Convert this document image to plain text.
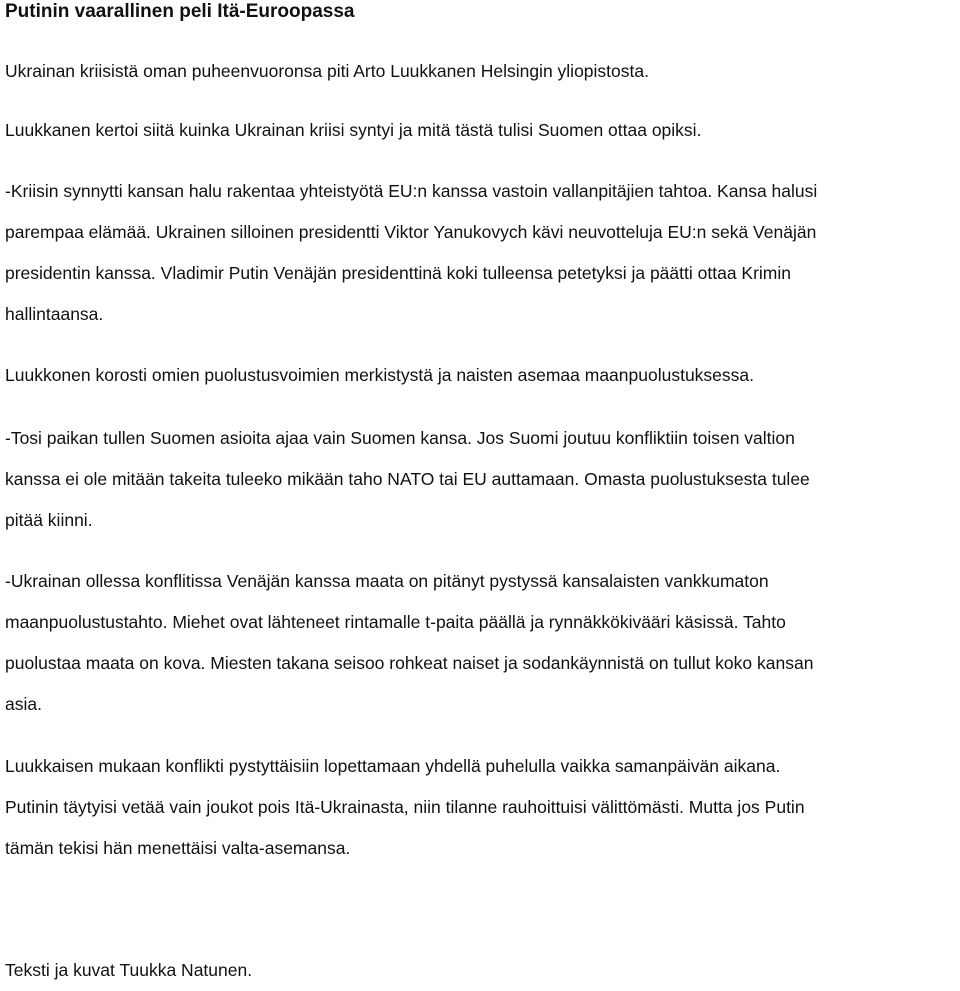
Putinin vaarallinen peli Itä-Euroopassa
Ukrainan kriisistä oman puheenvuoronsa piti Arto Luukkanen Helsingin yliopistosta.
Luukkanen kertoi siitä kuinka Ukrainan kriisi syntyi ja mitä tästä tulisi Suomen ottaa opiksi.
-Kriisin synnytti kansan halu rakentaa yhteistyötä EU:n kanssa vastoin vallanpitäjien tahtoa. Kansa halusi
parempaa elämää. Ukrainen silloinen presidentti Viktor Yanukovych kävi neuvotteluja EU:n sekä Venäjän
presidentin kanssa. Vladimir Putin Venäjän presidenttinä koki tulleensa petetyksi ja päätti ottaa Krimin
hallintaansa.
Luukkonen korosti omien puolustusvoimien merkistystä ja naisten asemaa maanpuolustuksessa.
-Tosi paikan tullen Suomen asioita ajaa vain Suomen kansa. Jos Suomi joutuu konfliktiin toisen valtion
kanssa ei ole mitään takeita tuleeko mikään taho NATO tai EU auttamaan. Omasta puolustuksesta tulee
pitää kiinni.
-Ukrainan ollessa konflitissa Venäjän kanssa maata on pitänyt pystyssä kansalaisten vankkumaton
maanpuolustustahto. Miehet ovat lähteneet rintamalle t-paita päällä ja rynnäkkökivääri käsissä. Tahto
puolustaa maata on kova. Miesten takana seisoo rohkeat naiset ja sodankäynnistä on tullut koko kansan
asia.
Luukkaisen mukaan konflikti pystyttäisiin lopettamaan yhdellä puhelulla vaikka samanpäivän aikana.
Putinin täytyisi vetää vain joukot pois Itä-Ukrainasta, niin tilanne rauhoittuisi välittömästi. Mutta jos Putin
tämän tekisi hän menettäisi valta-asemansa.
Teksti ja kuvat Tuukka Natunen.
